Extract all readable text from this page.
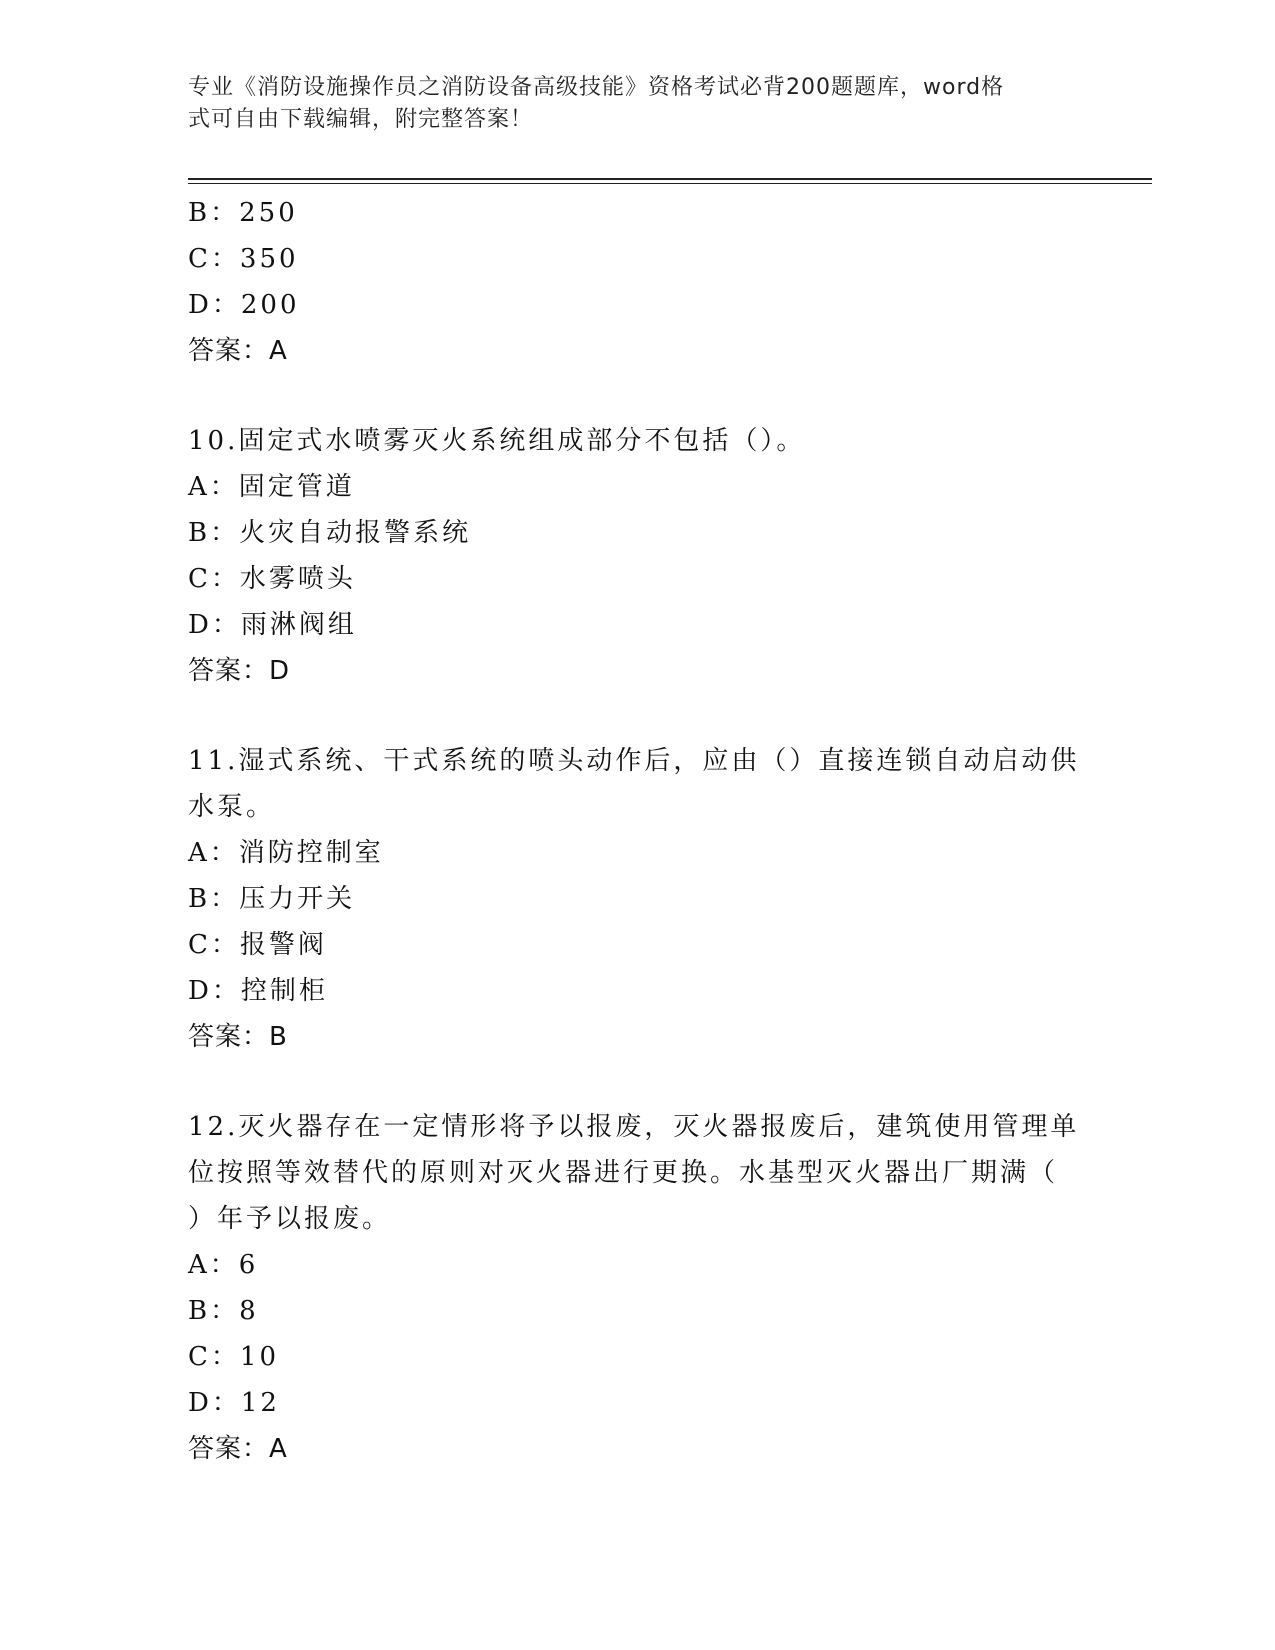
专业《消防设施操作员之消防设备高级技能》资格考试必背200题题库，word格
式可自由下载编辑，附完整答案！
B：250
C：350
D：200
答案：A
10.固定式水喷雾灭火系统组成部分不包括（）。
A：固定管道
B：火灾自动报警系统
C：水雾喷头
D：雨淋阀组
答案：D
11.湿式系统、干式系统的喷头动作后，应由（）直接连锁自动启动供
水泵。
A：消防控制室
B：压力开关
C：报警阀
D：控制柜
答案：B
12.灭火器存在一定情形将予以报废，灭火器报废后，建筑使用管理单
位按照等效替代的原则对灭火器进行更换。水基型灭火器出厂期满（
）年予以报废。
A：6
B：8
C：10
D：12
答案：A
